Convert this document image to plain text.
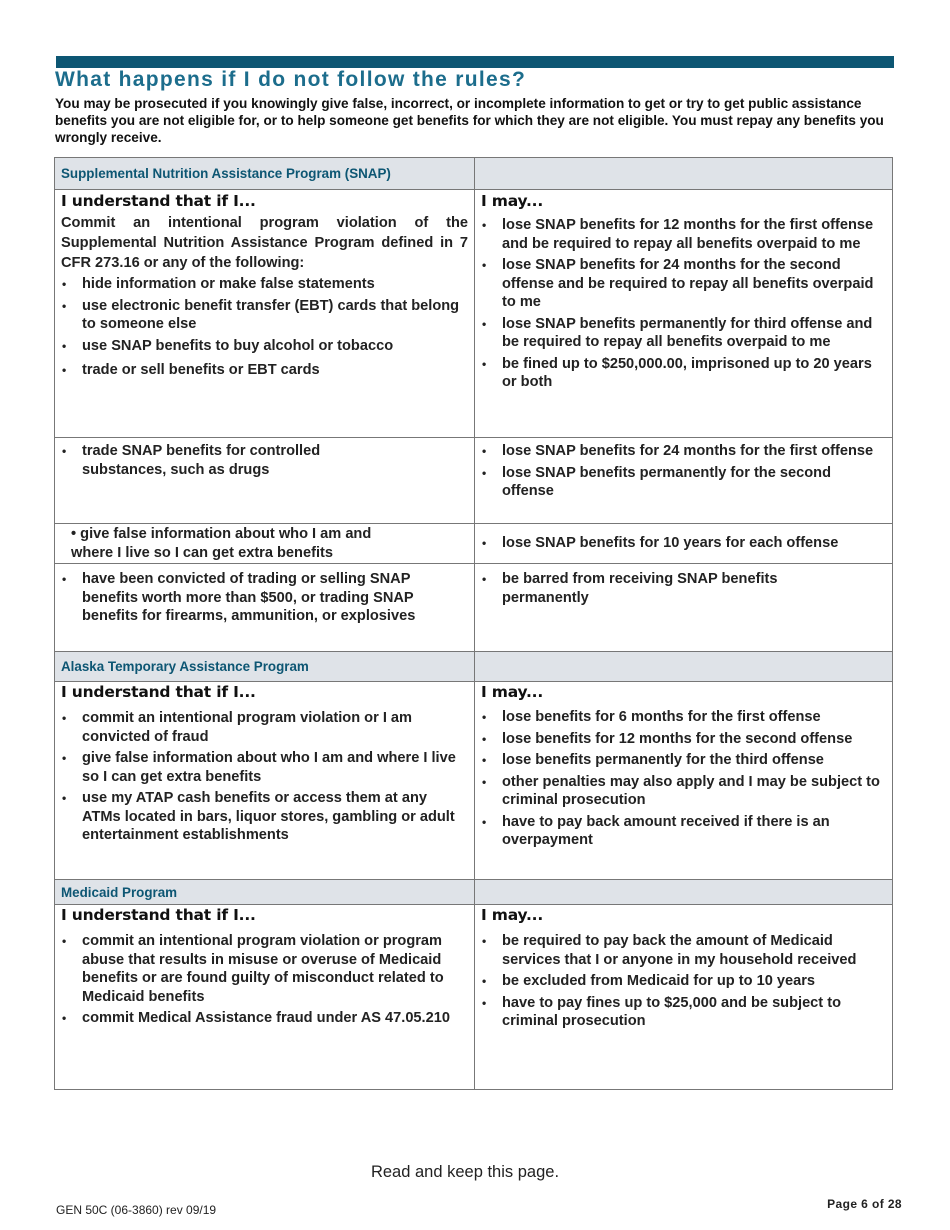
What happens if I do not follow the rules?

You may be prosecuted if you knowingly give false, incorrect, or incomplete information to get or try to get public assistance benefits you are not eligible for, or to help someone get benefits for which they are not eligible. You must repay any benefits you wrongly receive.

Supplemental Nutrition Assistance Program (SNAP)
I understand that if I...

Commit an intentional program violation of the Supplemental Nutrition Assistance Program defined in 7 CFR 273.16 or any of the following:

• hide information or make false statements
• use electronic benefit transfer (EBT) cards that belong to someone else
• use SNAP benefits to buy alcohol or tobacco
• trade or sell benefits or EBT cards
I may...
• lose SNAP benefits for 12 months for the first offense and be required to repay all benefits overpaid to me
• lose SNAP benefits for 24 months for the second offense and be required to repay all benefits overpaid to me
• lose SNAP benefits permanently for third offense and be required to repay all benefits overpaid to me
• be fined up to $250,000.00, imprisoned up to 20 years or both
• trade SNAP benefits for controlled substances, such as drugs
• lose SNAP benefits for 24 months for the first offense
• lose SNAP benefits permanently for the second offense
• give false information about who I am and where I live so I can get extra benefits
• lose SNAP benefits for 10 years for each offense
• have been convicted of trading or selling SNAP benefits worth more than $500, or trading SNAP benefits for firearms, ammunition, or explosives
• be barred from receiving SNAP benefits permanently
Alaska Temporary Assistance Program
I understand that if I...
• commit an intentional program violation or I am convicted of fraud
• give false information about who I am and where I live so I can get extra benefits
• use my ATAP cash benefits or access them at any ATMs located in bars, liquor stores, gambling or adult entertainment establishments
I may...
• lose benefits for 6 months for the first offense
• lose benefits for 12 months for the second offense
• lose benefits permanently for the third offense
• other penalties may also apply and I may be subject to criminal prosecution
• have to pay back amount received if there is an overpayment
Medicaid Program
I understand that if I...
• commit an intentional program violation or program abuse that results in misuse or overuse of Medicaid benefits or are found guilty of misconduct related to Medicaid benefits
• commit Medical Assistance fraud under AS 47.05.210
I may...
• be required to pay back the amount of Medicaid services that I or anyone in my household received
• be excluded from Medicaid for up to 10 years
• have to pay fines up to $25,000 and be subject to criminal prosecution
Read and keep this page.
GEN 50C (06-3860) rev 09/19	Page 6 of 28
